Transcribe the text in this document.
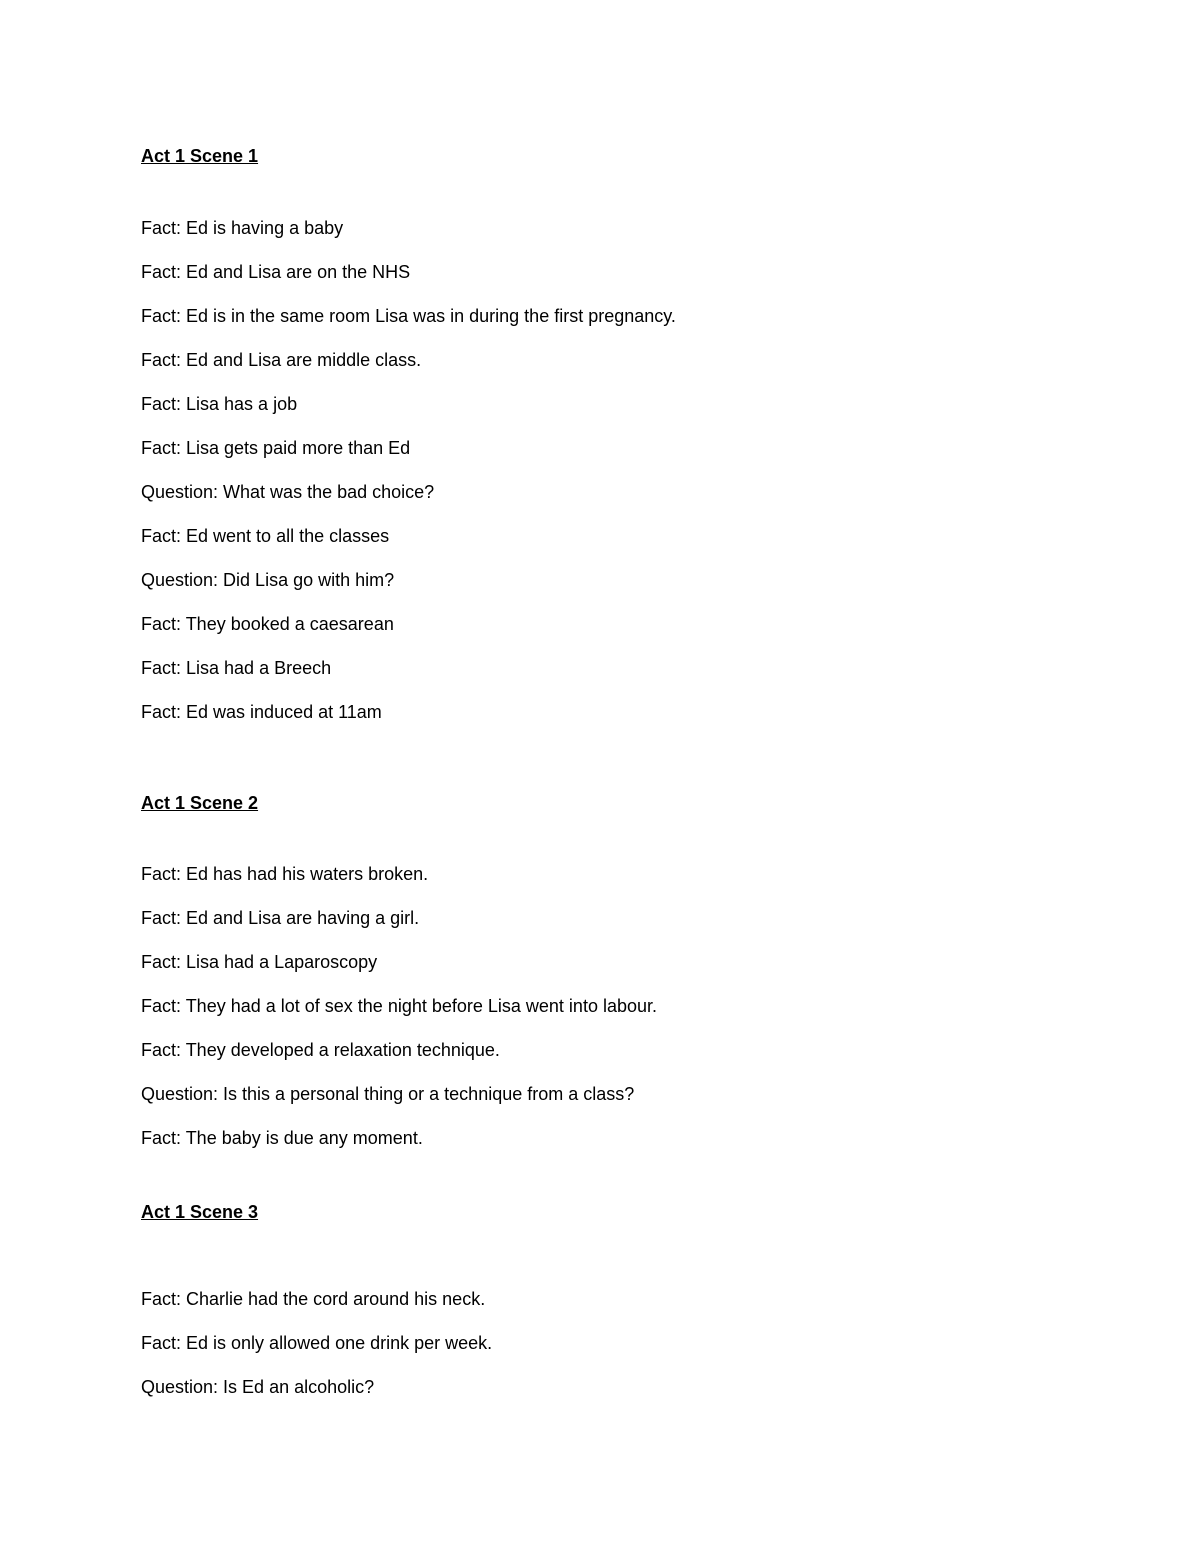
Act 1 Scene 1
Fact: Ed is having a baby
Fact: Ed and Lisa are on the NHS
Fact: Ed is in the same room Lisa was in during the first pregnancy.
Fact: Ed and Lisa are middle class.
Fact: Lisa has a job
Fact: Lisa gets paid more than Ed
Question: What was the bad choice?
Fact: Ed went to all the classes
Question: Did Lisa go with him?
Fact: They booked a caesarean
Fact: Lisa had a Breech
Fact: Ed was induced at 11am
Act 1 Scene 2
Fact: Ed has had his waters broken.
Fact: Ed and Lisa are having a girl.
Fact: Lisa had a Laparoscopy
Fact: They had a lot of sex the night before Lisa went into labour.
Fact: They developed a relaxation technique.
Question: Is this a personal thing or a technique from a class?
Fact: The baby is due any moment.
Act 1 Scene 3
Fact: Charlie had the cord around his neck.
Fact: Ed is only allowed one drink per week.
Question: Is Ed an alcoholic?
